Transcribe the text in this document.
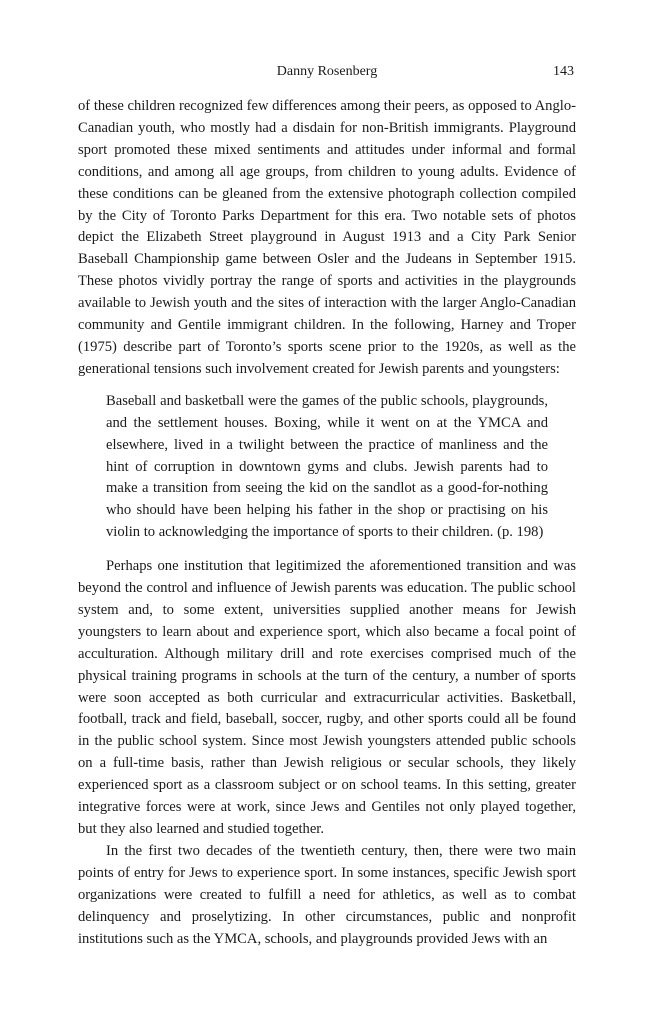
Danny Rosenberg	143

of these children recognized few differences among their peers, as opposed to Anglo-Canadian youth, who mostly had a disdain for non-British immigrants. Playground sport promoted these mixed sentiments and attitudes under informal and formal conditions, and among all age groups, from children to young adults. Evidence of these conditions can be gleaned from the extensive photograph collection compiled by the City of Toronto Parks Department for this era. Two notable sets of photos depict the Elizabeth Street playground in August 1913 and a City Park Senior Baseball Championship game between Osler and the Judeans in September 1915. These photos vividly portray the range of sports and activities in the playgrounds available to Jewish youth and the sites of interaction with the larger Anglo-Canadian community and Gentile immigrant children. In the following, Harney and Troper (1975) describe part of Toronto’s sports scene prior to the 1920s, as well as the generational tensions such involvement created for Jewish parents and youngsters:

Baseball and basketball were the games of the public schools, playgrounds, and the settlement houses. Boxing, while it went on at the YMCA and elsewhere, lived in a twilight between the practice of manliness and the hint of corruption in downtown gyms and clubs. Jewish parents had to make a transition from seeing the kid on the sandlot as a good-for-nothing who should have been helping his father in the shop or practising on his violin to acknowledging the importance of sports to their children. (p. 198)

Perhaps one institution that legitimized the aforementioned transition and was beyond the control and influence of Jewish parents was education. The public school system and, to some extent, universities supplied another means for Jewish youngsters to learn about and experience sport, which also became a focal point of acculturation. Although military drill and rote exercises comprised much of the physical training programs in schools at the turn of the century, a number of sports were soon accepted as both curricular and extracurricular activities. Basketball, football, track and field, baseball, soccer, rugby, and other sports could all be found in the public school system. Since most Jewish youngsters attended public schools on a full-time basis, rather than Jewish religious or secular schools, they likely experienced sport as a classroom subject or on school teams. In this setting, greater integrative forces were at work, since Jews and Gentiles not only played together, but they also learned and studied together.

In the first two decades of the twentieth century, then, there were two main points of entry for Jews to experience sport. In some instances, specific Jewish sport organizations were created to fulfill a need for athletics, as well as to combat delinquency and proselytizing. In other circumstances, public and nonprofit institutions such as the YMCA, schools, and playgrounds provided Jews with an
